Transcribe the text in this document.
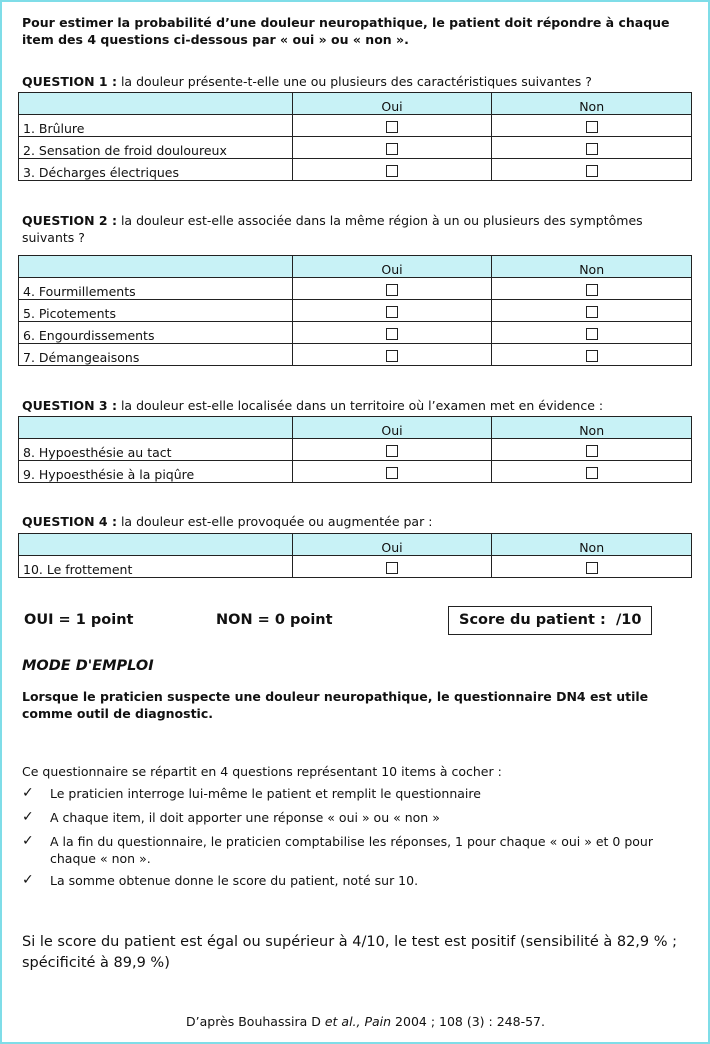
Pour estimer la probabilité d’une douleur neuropathique, le patient doit répondre à chaque item des 4 questions ci-dessous par « oui » ou « non ».
QUESTION 1 : la douleur présente-t-elle une ou plusieurs des caractéristiques suivantes ?
	Oui	Non
1. Brûlure		
2. Sensation de froid douloureux		
3. Décharges électriques		
QUESTION 2 : la douleur est-elle associée dans la même région à un ou plusieurs des symptômes suivants ?
	Oui	Non
4. Fourmillements		
5. Picotements		
6. Engourdissements		
7. Démangeaisons		
QUESTION 3 : la douleur est-elle localisée dans un territoire où l’examen met en évidence :
	Oui	Non
8. Hypoesthésie au tact		
9. Hypoesthésie à la piqûre		
QUESTION 4 : la douleur est-elle provoquée ou augmentée par :
	Oui	Non
10. Le frottement		
OUI = 1 point	NON = 0 point	Score du patient : /10
MODE D'EMPLOI
Lorsque le praticien suspecte une douleur neuropathique, le questionnaire DN4 est utile comme outil de diagnostic.
Ce questionnaire se répartit en 4 questions représentant 10 items à cocher :
✓ Le praticien interroge lui-même le patient et remplit le questionnaire
✓ A chaque item, il doit apporter une réponse « oui » ou « non »
✓ A la fin du questionnaire, le praticien comptabilise les réponses, 1 pour chaque « oui » et 0 pour chaque « non ».
✓ La somme obtenue donne le score du patient, noté sur 10.
Si le score du patient est égal ou supérieur à 4/10, le test est positif (sensibilité à 82,9 % ; spécificité à 89,9 %)
D’après Bouhassira D et al., Pain 2004 ; 108 (3) : 248-57.
